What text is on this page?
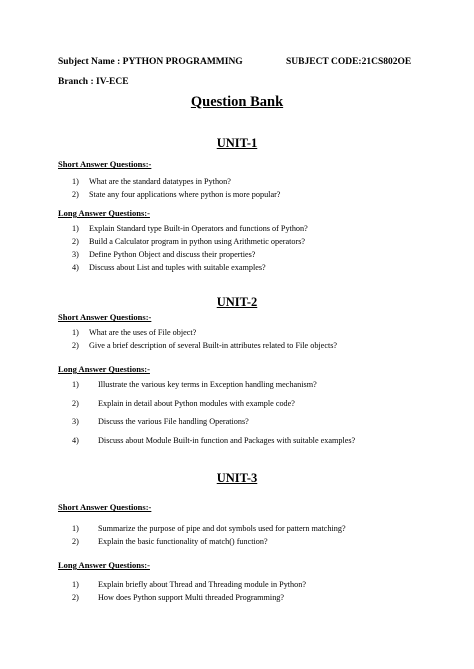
Subject Name : PYTHON PROGRAMMING	SUBJECT CODE:21CS802OE
Branch : IV-ECE
Question Bank
UNIT-1
Short Answer Questions:-
1) What are the standard datatypes in Python?
2) State any four applications where python is more popular?
Long Answer Questions:-
1) Explain Standard type Built-in Operators and functions of Python?
2) Build a Calculator program in python using Arithmetic operators?
3) Define Python Object and discuss their properties?
4) Discuss about List and tuples with suitable examples?
UNIT-2
Short Answer Questions:-
1) What are the uses of File object?
2) Give a brief description of several Built-in attributes related to File objects?
Long Answer Questions:-
1) Illustrate the various key terms in Exception handling mechanism?
2) Explain in detail about Python modules with example code?
3) Discuss the various File handling Operations?
4) Discuss about Module Built-in function and Packages with suitable examples?
UNIT-3
Short Answer Questions:-
1) Summarize the purpose of pipe and dot symbols used for pattern matching?
2) Explain the basic functionality of match() function?
Long Answer Questions:-
1) Explain briefly about Thread and Threading module in Python?
2) How does Python support Multi threaded Programming?
